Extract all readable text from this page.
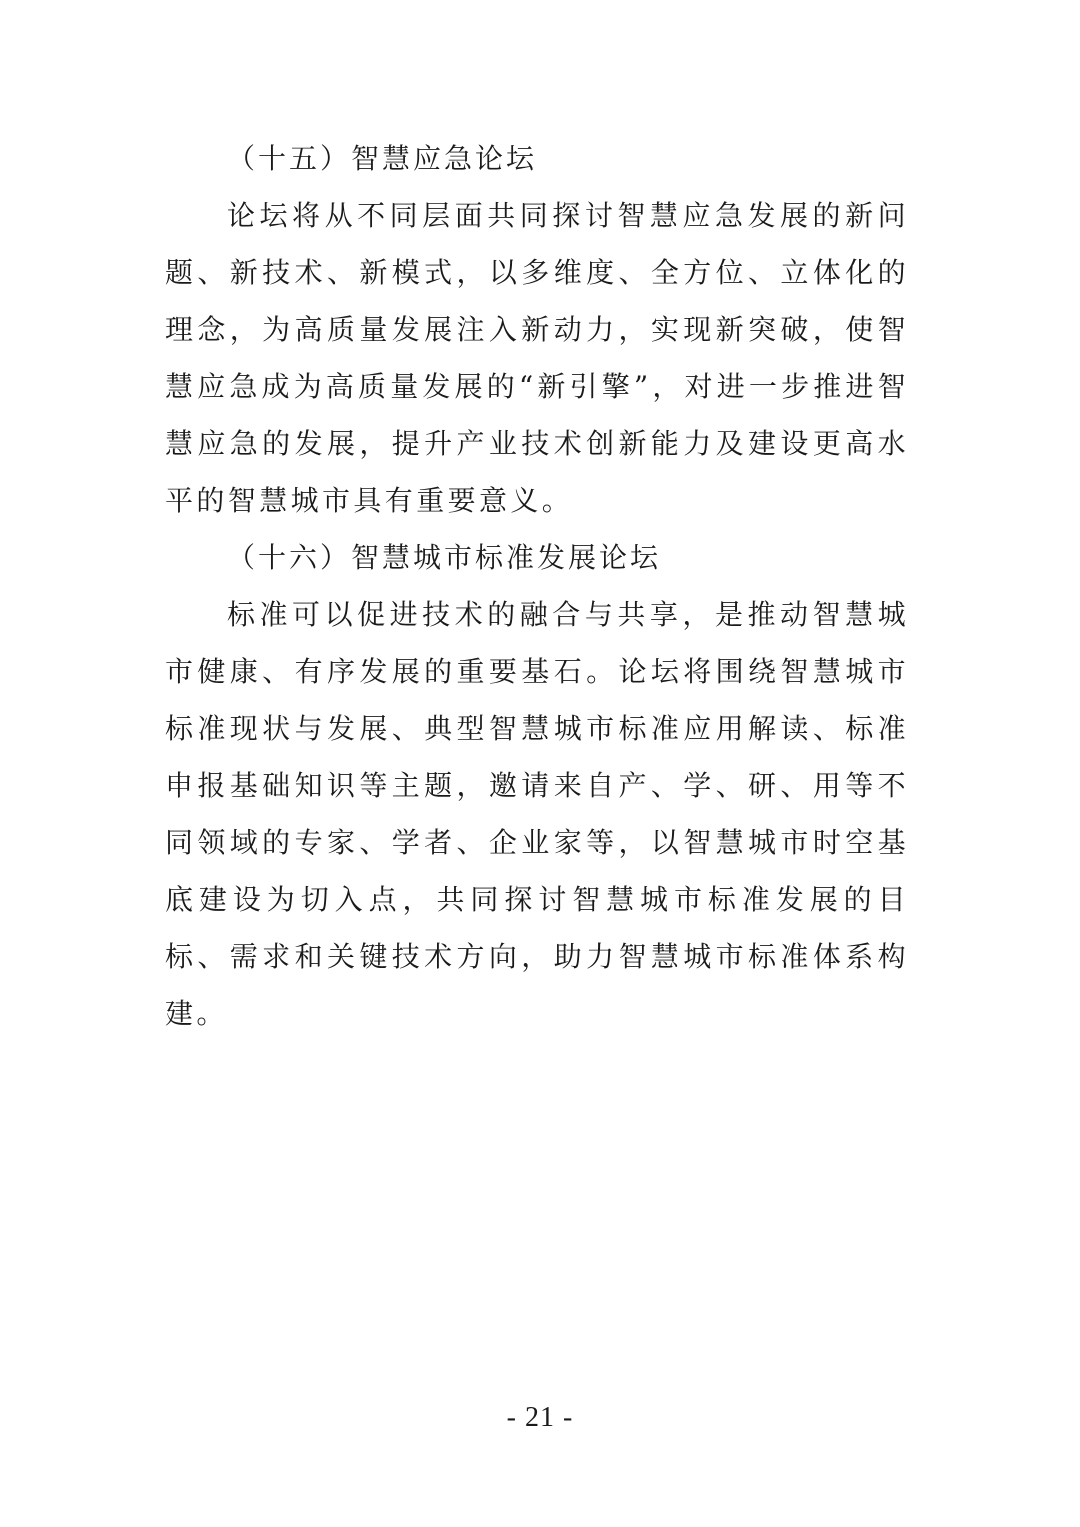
（十五）智慧应急论坛

论坛将从不同层面共同探讨智慧应急发展的新问题、新技术、新模式，以多维度、全方位、立体化的理念，为高质量发展注入新动力，实现新突破，使智慧应急成为高质量发展的“新引擎”，对进一步推进智慧应急的发展，提升产业技术创新能力及建设更高水平的智慧城市具有重要意义。

（十六）智慧城市标准发展论坛

标准可以促进技术的融合与共享，是推动智慧城市健康、有序发展的重要基石。论坛将围绕智慧城市标准现状与发展、典型智慧城市标准应用解读、标准申报基础知识等主题，邀请来自产、学、研、用等不同领域的专家、学者、企业家等，以智慧城市时空基底建设为切入点，共同探讨智慧城市标准发展的目标、需求和关键技术方向，助力智慧城市标准体系构建。

- 21 -
